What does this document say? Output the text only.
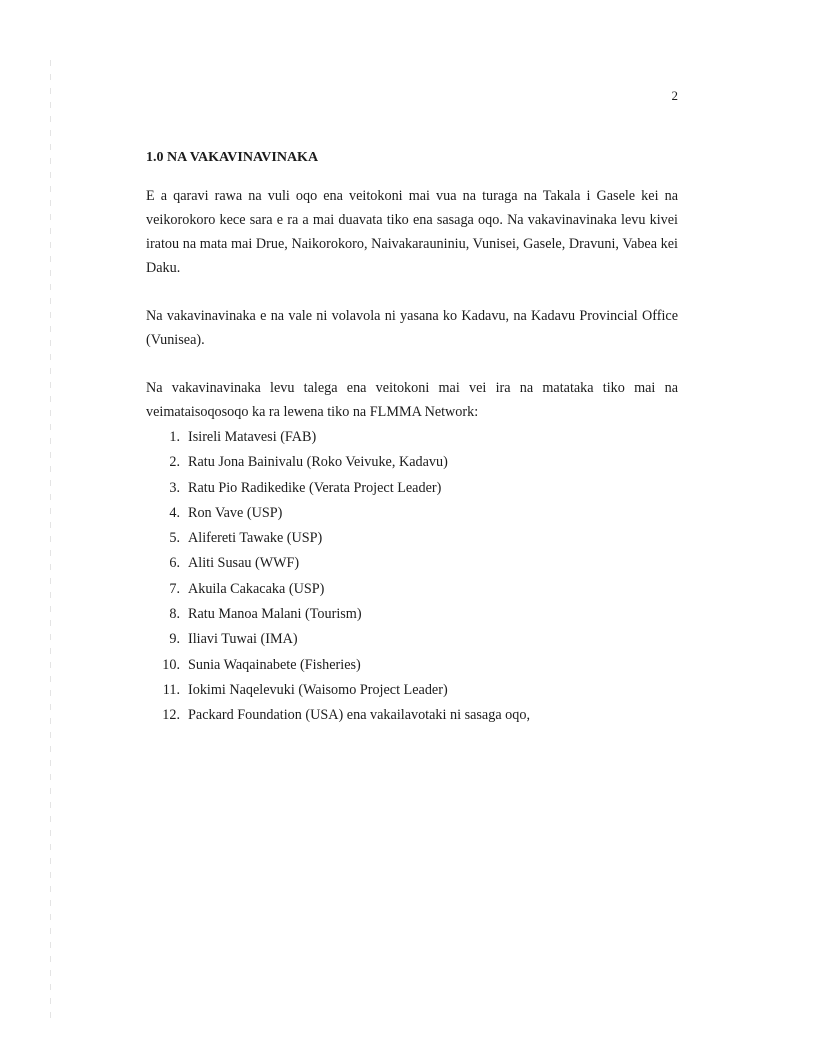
2
1.0 NA VAKAVINAVINAKA

E a qaravi rawa na vuli oqo ena veitokoni mai vua na turaga na Takala i Gasele kei na veikorokoro kece sara e ra a mai duavata tiko ena sasaga oqo. Na vakavinavinaka levu kivei iratou na mata mai Drue, Naikorokoro, Naivakarauniniu, Vunisei, Gasele, Dravuni, Vabea kei Daku.

Na vakavinavinaka e na vale ni volavola ni yasana ko Kadavu, na Kadavu Provincial Office (Vunisea).

Na vakavinavinaka levu talega ena veitokoni mai vei ira na matataka tiko mai na veimataisoqosoqo ka ra lewena tiko na FLMMA Network:

1. Isireli Matavesi (FAB)
2. Ratu Jona Bainivalu (Roko Veivuke, Kadavu)
3. Ratu Pio Radikedike (Verata Project Leader)
4. Ron Vave (USP)
5. Alifereti Tawake (USP)
6. Aliti Susau (WWF)
7. Akuila Cakacaka (USP)
8. Ratu Manoa Malani (Tourism)
9. Iliavi Tuwai (IMA)
10. Sunia Waqainabete (Fisheries)
11. Iokimi Naqelevuki (Waisomo Project Leader)
12. Packard Foundation (USA) ena vakailavotaki ni sasaga oqo,
